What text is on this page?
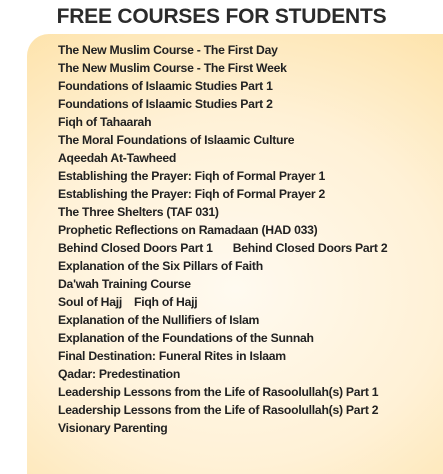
FREE COURSES FOR STUDENTS
The New Muslim Course - The First Day
The New Muslim Course - The First Week
Foundations of Islaamic Studies Part 1
Foundations of Islaamic Studies Part 2
Fiqh of Tahaarah
The Moral Foundations of Islaamic Culture
Aqeedah At-Tawheed
Establishing the Prayer: Fiqh of Formal Prayer 1
Establishing the Prayer: Fiqh of Formal Prayer 2
The Three Shelters (TAF 031)
Prophetic Reflections on Ramadaan (HAD 033)
Behind Closed Doors Part 1 Behind Closed Doors Part 2
Explanation of the Six Pillars of Faith
Da'wah Training Course
Soul of Hajj Fiqh of Hajj
Explanation of the Nullifiers of Islam
Explanation of the Foundations of the Sunnah
Final Destination: Funeral Rites in Islaam
Qadar: Predestination
Leadership Lessons from the Life of Rasoolullah(s) Part 1
Leadership Lessons from the Life of Rasoolullah(s) Part 2
Visionary Parenting
